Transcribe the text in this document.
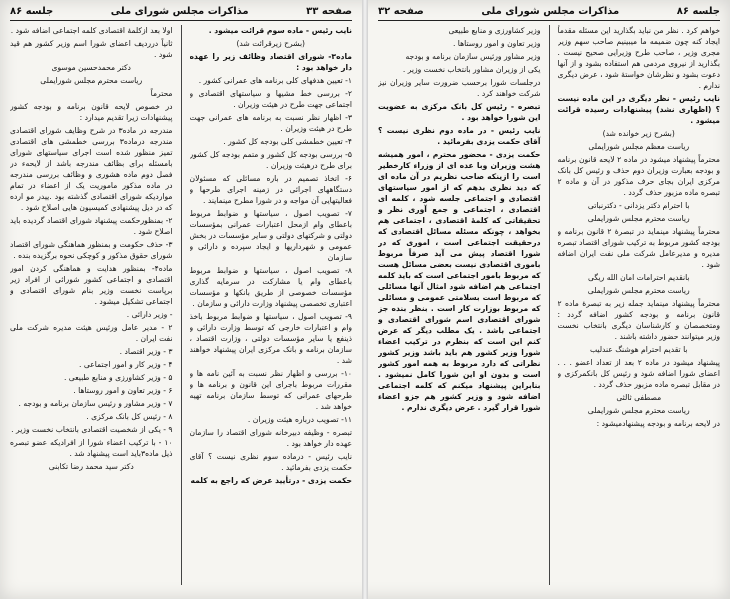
صفحه ۳۳
مذاکرات مجلس شورای ملی
جلسه ۸۶

نایب رئیس - ماده سوم قرائت میشود .

(بشرح زیرقرائت شد)

ماده۳- شورای اقتصاد وظائف زیر را عهده دار خواهد بود :

۱- تعیین هدفهای کلی برنامه های عمرانی کشور .

۲- بررسی خط مشیها و سیاستهای اقتصادی و اجتماعی جهت طرح در هیئت وزیران .

۳- اظهار نظر نسبت به برنامه های عمرانی جهت طرح در هیئت وزیران .

۴- تعیین خطمشی کلی بودجه کل کشور .

۵- بررسی بودجه کل کشور و متمم بودجه کل کشور برای طرح درهیئت وزیران .

۶- اتخاذ تصمیم در باره مسائلی که مسئولان دستگاههای اجرائی در زمینه اجرای طرحها و فعالیتهایی آن مواجه و در شورا مطرح مینمایند .

۷- تصویب اصول ، سیاستها و ضوابط مربوط باعطای وام ازمحل اعتبارات عمرانی بمؤسسات دولتی و شرکتهای دولتی و سایر مؤسسات در بخش عمومی و شهرداریها و ایجاد سپرده و دارائی و سازمان

۸- تصویب اصول ، سیاستها و ضوابط مربوط باعطای وام یا مشارکت در سرمایه گذاری مؤسسات خصوصی از طریق بانکها و مؤسسات اعتباری تخصصی پیشنهاد وزارت دارائی و سازمان .

۹- تصویب اصول ، سیاستها و ضوابط مربوط باخذ وام و اعتبارات خارجی که توسط وزارت دارائی و ذینفع یا سایر مؤسسات دولتی ، وزارت اقتصاد ، سازمان برنامه و بانک مرکزی ایران پیشنهاد خواهند شد .

۱۰- بررسی و اظهار نظر نسبت به آئین نامه ها و مقررات مربوط باجرای این قانون و برنامه ها و طرحهای عمرانی که توسط سازمان برنامه تهیه خواهد شد .

۱۱- تصویب درباره هیئت وزیران .

تبصره - وظیفه دبیرخانه شورای اقتصاد را سازمان عهده دار خواهد بود .

نایب رئیس - درماده سوم نظری نیست ؟ آقای حکمت یزدی بفرمائید .

حکمت یزدی - درتأیید عرض که راجع به کلمه

اولا بعد ازکلمۀ اقتصادی کلمه اجتماعی اضافه شود .

ثانیاً درردیف اعضای شورا اسم وزیر کشور هم قید شود .

دکتر محمدحسین موسوی

ریاست محترم مجلس شورایملی

محترماً

در خصوص لایحه قانون برنامه و بودجه کشور پیشنهادات زیرا تقدیم میدارد :

مندرجه در ماده۳ در شرح وظایف شورای اقتصادی مندرجه درماده۳ بررسی خطمشی های اقتصادی تمیز منظور شده است اجرای سیاستهای شورای بامسئله برای بظائف مندرجه باشد از لایحهء در فصل دوم ماده هشوری و وظائف بررسی مندرجه در ماده مذکور ماموریت یک از اعضاء در تمام مواردیکه شورای اقتصادی گذشته بود .ییدر مو ارده که در دیل پیشنهادی کمیسیون هایی اصلاح شود .

۲- بمنظورحکمت پیشنهاد شورای اقتصاد گردیده باید اصلاح شود .

۳- حذف حکومت و بمنظور هماهنگی شورای اقتصاد شورای حقوق مذکور و کوچکی نحوه برگزیده بنده .

ماده۴- بمنظور هدایت و هماهنگی کردن امور اقتصادی و اجتماعی کشور شورائی از افراد زیر برپاست نخست وزیر بنام شورای اقتصادی و اجتماعی تشکیل میشود .

- وزیر دارائی .

۲ - مدیر عامل ورئیس هیئت مدیره شرکت ملی نفت ایران .

۳ - وزیر اقتصاد .

۴ - وزیر کار و امور اجتماعی .

۵ - وزیر کشاورزی و منابع طبیعی .

۶ - وزیر تعاون و امور روستاها .

۷ - وزیر مشاور و رئیس سازمان برنامه و بودجه .

۸ - رئیس کل بانک مرکزی .

۹ - یکی از شخصیت اقتصادی بانتخاب نخست وزیر .

۱۰ - با ترکیب اعضاء شورا از افرادیکه عضو تبصره ذیل ماده۳باید است پیشنهاد شد .

دکتر سید محمد رضا تکابنی

جلسه ۸۶
مذاکرات مجلس شورای ملی
صفحه ۳۲

خواهم کرد . نظر من نباید بگذارید این مسئله مقدماً ایجاد کنه چون ضمیمه ما میبینیم صاحب سهم وزیر مجری وزیر ، صاحب طرح وزیرایی صحیح نیست . بگذارید از نیروی مردمی هم استفاده بشود و از آنها دعوت بشود و نظرشان خواستۀ شود ، عرض دیگری ندارم .

نایب رئیس - نظر دیگری در این ماده نیست ؟ (اظهاری نشد) پیشنهادات رسیده قرائت میشود .

(بشرح زیر خوانده شد)

ریاست معظم مجلس شورایملی

محترماً پیشنهاد میشود در ماده ۲ لایحه قانون برنامه و بودجه بعبارت وزیران دوم حذف و رئیس کل بانک مرکزی ایران بجای حرف مذکور در آن و ماده ۲ تبصره ماده مزبور حذف گردد .

با احترام دکتر یزدانی - دکترنباتی

ریاست محترم مجلس شورایملی

محترماً پیشنهاد مینماید در تبصرۀ ۲ قانون برنامه و بودجه کشور مربوط به ترکیب شورای اقتصاد تبصره مدیره و مدیرعامل شرکت ملی نفت ایران اضافه شود .

بانقدیم احترامات امان الله ریگی

ریاست محترم مجلس شورایملی

محترماً پیشنهاد مینماید جمله زیر به تبصرهٔ ماده ۲ قانون برنامه و بودجه کشور اضافه گردد : ومتخصصان و کارشناسان دیگری بانتخاب نخست وزیر میتوانند حضور داشته باشند .

با تقدیم احترام هوشنگ عندلیب

پیشنهاد میشود در ماده ۲ بعد از تعداد اعضو . . . اعضای شورا اضافه شود و رئیس کل بانکمرکزی و در مقابل تبصره ماده مزبور حذف گردد .

مصطفی ثالثی

ریاست محترم مجلس شورایملی

در لایحه برنامه و بودجه پیشنهادمیشود :

وزیر کشاورزی و منابع طبیعی

وزیر تعاون و امور روستاها .

وزیر مشاور ورئیس سازمان برنامه و بودجه

یکی از وزیران مشاور بانتخاب نخست وزیر .

درجلسات شورا برحسب ضرورت سایر وزیران نیز شرکت خواهند کرد .

تبصره - رئیس کل بانک مرکزی به عضویت این شورا خواهد بود .

نایب رئیس - در ماده دوم نظری نیست ؟ آقای حکمت یزدی بفرمائید .

حکمت یزدی - محضور محترم ، امور همیشه هشت وزیران وبا عده ای از وزراء کارخطیر است را ازینکه صاحب نظریم در آن ماده ای که دید نظری بدهم که از امور سیاستهای اقتصادی و اجتماعی جلسه شود ، کلمه ای اقتصادی ، اجتماعی و جمع آوری نظر و تحقیقاتی که کلمۀ اقتصادی ، اجتماعی هم بخواهد ، چونکه مسئله مسائل اقتصادی که درحقیقت اجتماعی است ، اموری که در شورا اقتصاد پیش می آید صرفاً مربوط باموری اقتصادی نیست بعضی مسائل هست که مربوط بامور اجتماعی است که باید کلمه اجتماعی هم اضافه شود امثال آنها مسائلی که مربوط است بسلامتی عمومی و مسائلی که مربوط بوزارت کار است . بنظر بنده جز شورای اقتصادی اسم شورای اقتصادی و اجتماعی باشد . یک مطلب دیگر که عرض کنم این است که بنظرم در ترکیب اعضاء شورا وزیر کشور هم باید باشد وزیر کشور نظراتی که دارد مربوط به همه امور کشور است و بدون او این شورا کامل نمیشود . بنابراین پیشنهاد میکنم که کلمه اجتماعی اضافه شود و وزیر کشور هم جزو اعضاء شورا قرار گیرد . عرض دیگری ندارم .
